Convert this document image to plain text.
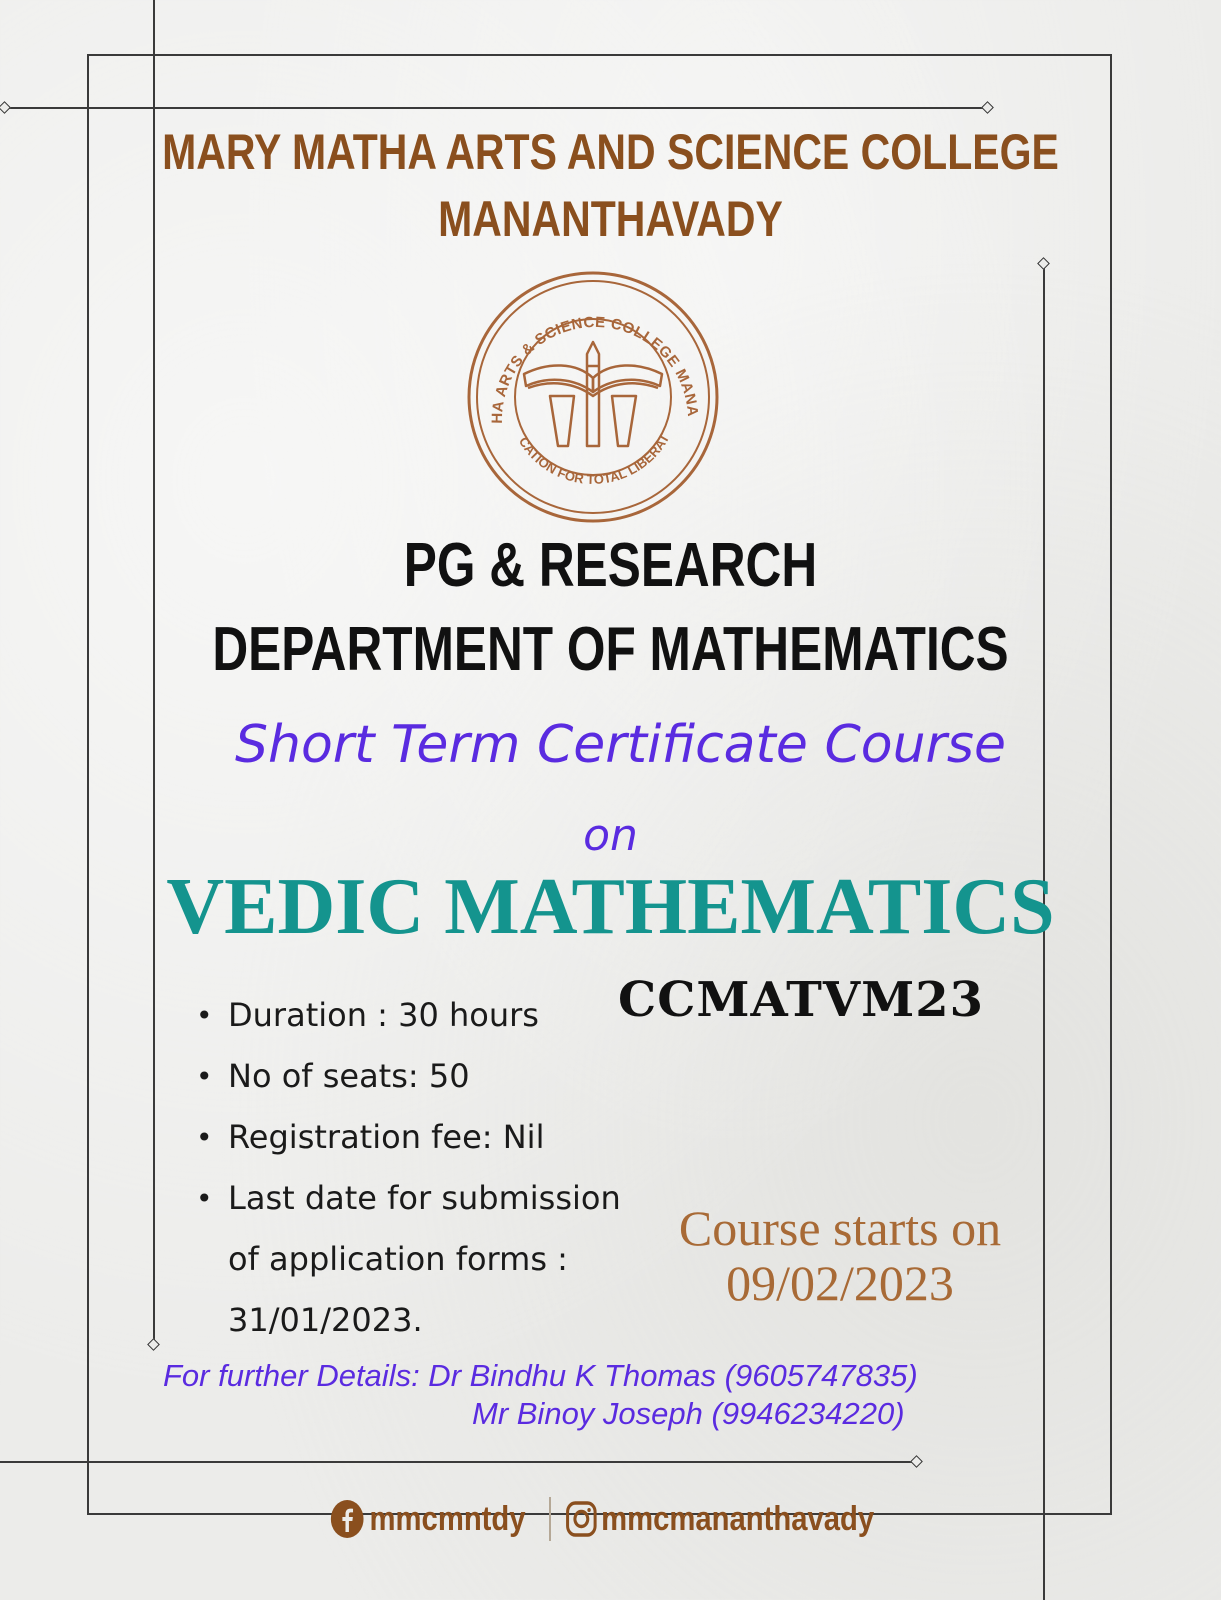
MARY MATHA ARTS AND SCIENCE COLLEGE
MANANTHAVADY
HA ARTS & SCIENCE COLLEGE MANA
CATION FOR TOTAL LIBERAT
PG & RESEARCH
DEPARTMENT OF MATHEMATICS
Short Term Certificate Course
on
VEDIC MATHEMATICS
CCMATVM23
• Duration : 30 hours
• No of seats: 50
• Registration fee: Nil
• Last date for submission
of application forms :
31/01/2023.
Course starts on
09/02/2023
For further Details: Dr Bindhu K Thomas (9605747835)
Mr Binoy Joseph (9946234220)
mmcmntdy mmcmananthavady
